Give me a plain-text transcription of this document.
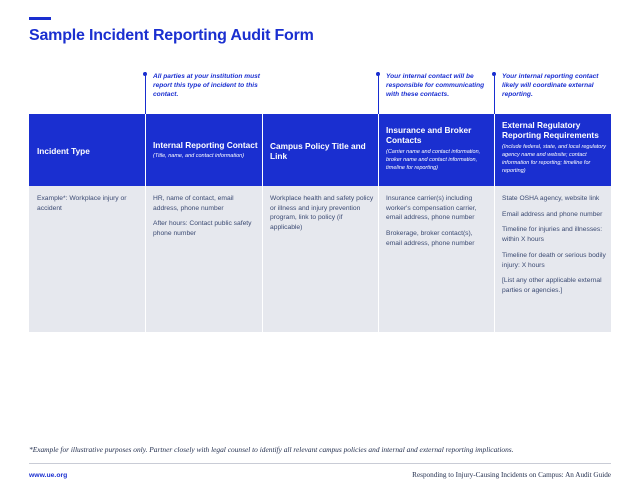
Sample Incident Reporting Audit Form
All parties at your institution must report this type of incident to this contact.
Your internal contact will be responsible for communicating with these contacts.
Your internal reporting contact likely will coordinate external reporting.
Incident Type
Internal Reporting Contact
(Title, name, and contact information)
Campus Policy Title and Link
Insurance and Broker Contacts
(Carrier name and contact information, broker name and contact information, timeline for reporting)
External Regulatory Reporting Requirements
(Include federal, state, and local regulatory agency name and website; contact information for reporting; timeline for reporting)

Example*: Workplace injury or accident

HR, name of contact, email address, phone number

After hours: Contact public safety phone number

Workplace health and safety policy or illness and injury prevention program, link to policy (if applicable)

Insurance carrier(s) including worker's compensation carrier, email address, phone number

Brokerage, broker contact(s), email address, phone number

State OSHA agency, website link

Email address and phone number

Timeline for injuries and illnesses: within X hours

Timeline for death or serious bodily injury: X hours

[List any other applicable external parties or agencies.]

*Example for illustrative purposes only. Partner closely with legal counsel to identify all relevant campus policies and internal and external reporting implications.
www.ue.org	Responding to Injury-Causing Incidents on Campus: An Audit Guide
